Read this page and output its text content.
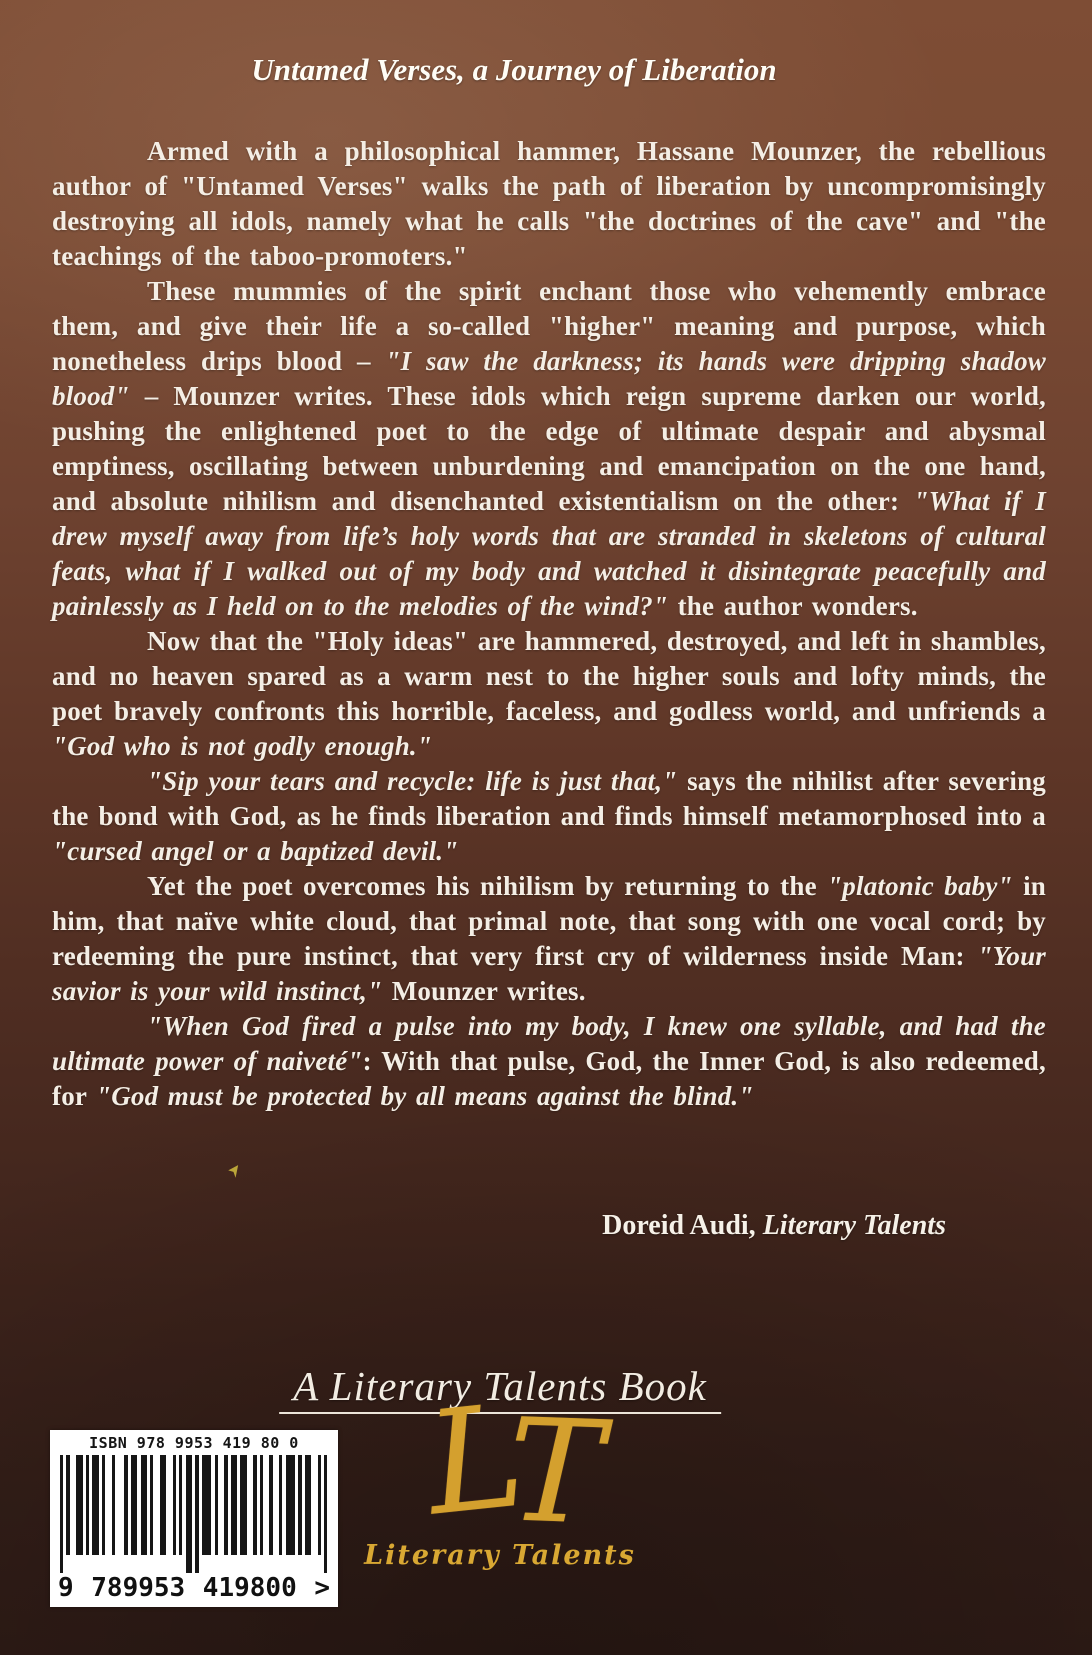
Untamed Verses, a Journey of Liberation

Armed with a philosophical hammer, Hassane Mounzer, the rebellious author of "Untamed Verses" walks the path of liberation by uncompromisingly destroying all idols, namely what he calls "the doctrines of the cave" and "the teachings of the taboo-promoters."

These mummies of the spirit enchant those who vehemently embrace them, and give their life a so-called "higher" meaning and purpose, which nonetheless drips blood – "I saw the darkness; its hands were dripping shadow blood" – Mounzer writes. These idols which reign supreme darken our world, pushing the enlightened poet to the edge of ultimate despair and abysmal emptiness, oscillating between unburdening and emancipation on the one hand, and absolute nihilism and disenchanted existentialism on the other: "What if I drew myself away from life’s holy words that are stranded in skeletons of cultural feats, what if I walked out of my body and watched it disintegrate peacefully and painlessly as I held on to the melodies of the wind?" the author wonders.

Now that the "Holy ideas" are hammered, destroyed, and left in shambles, and no heaven spared as a warm nest to the higher souls and lofty minds, the poet bravely confronts this horrible, faceless, and godless world, and unfriends a "God who is not godly enough."

"Sip your tears and recycle: life is just that," says the nihilist after severing the bond with God, as he finds liberation and finds himself metamorphosed into a "cursed angel or a baptized devil."

Yet the poet overcomes his nihilism by returning to the "platonic baby" in him, that naïve white cloud, that primal note, that song with one vocal cord; by redeeming the pure instinct, that very first cry of wilderness inside Man: "Your savior is your wild instinct," Mounzer writes.

"When God fired a pulse into my body, I knew one syllable, and had the ultimate power of naiveté": With that pulse, God, the Inner God, is also redeemed, for "God must be protected by all means against the blind."

Doreid Audi, Literary Talents
➤
A Literary Talents Book
ISBN 978 9953 419 80 0
9 789953 419800 >
L
T
Literary Talents
